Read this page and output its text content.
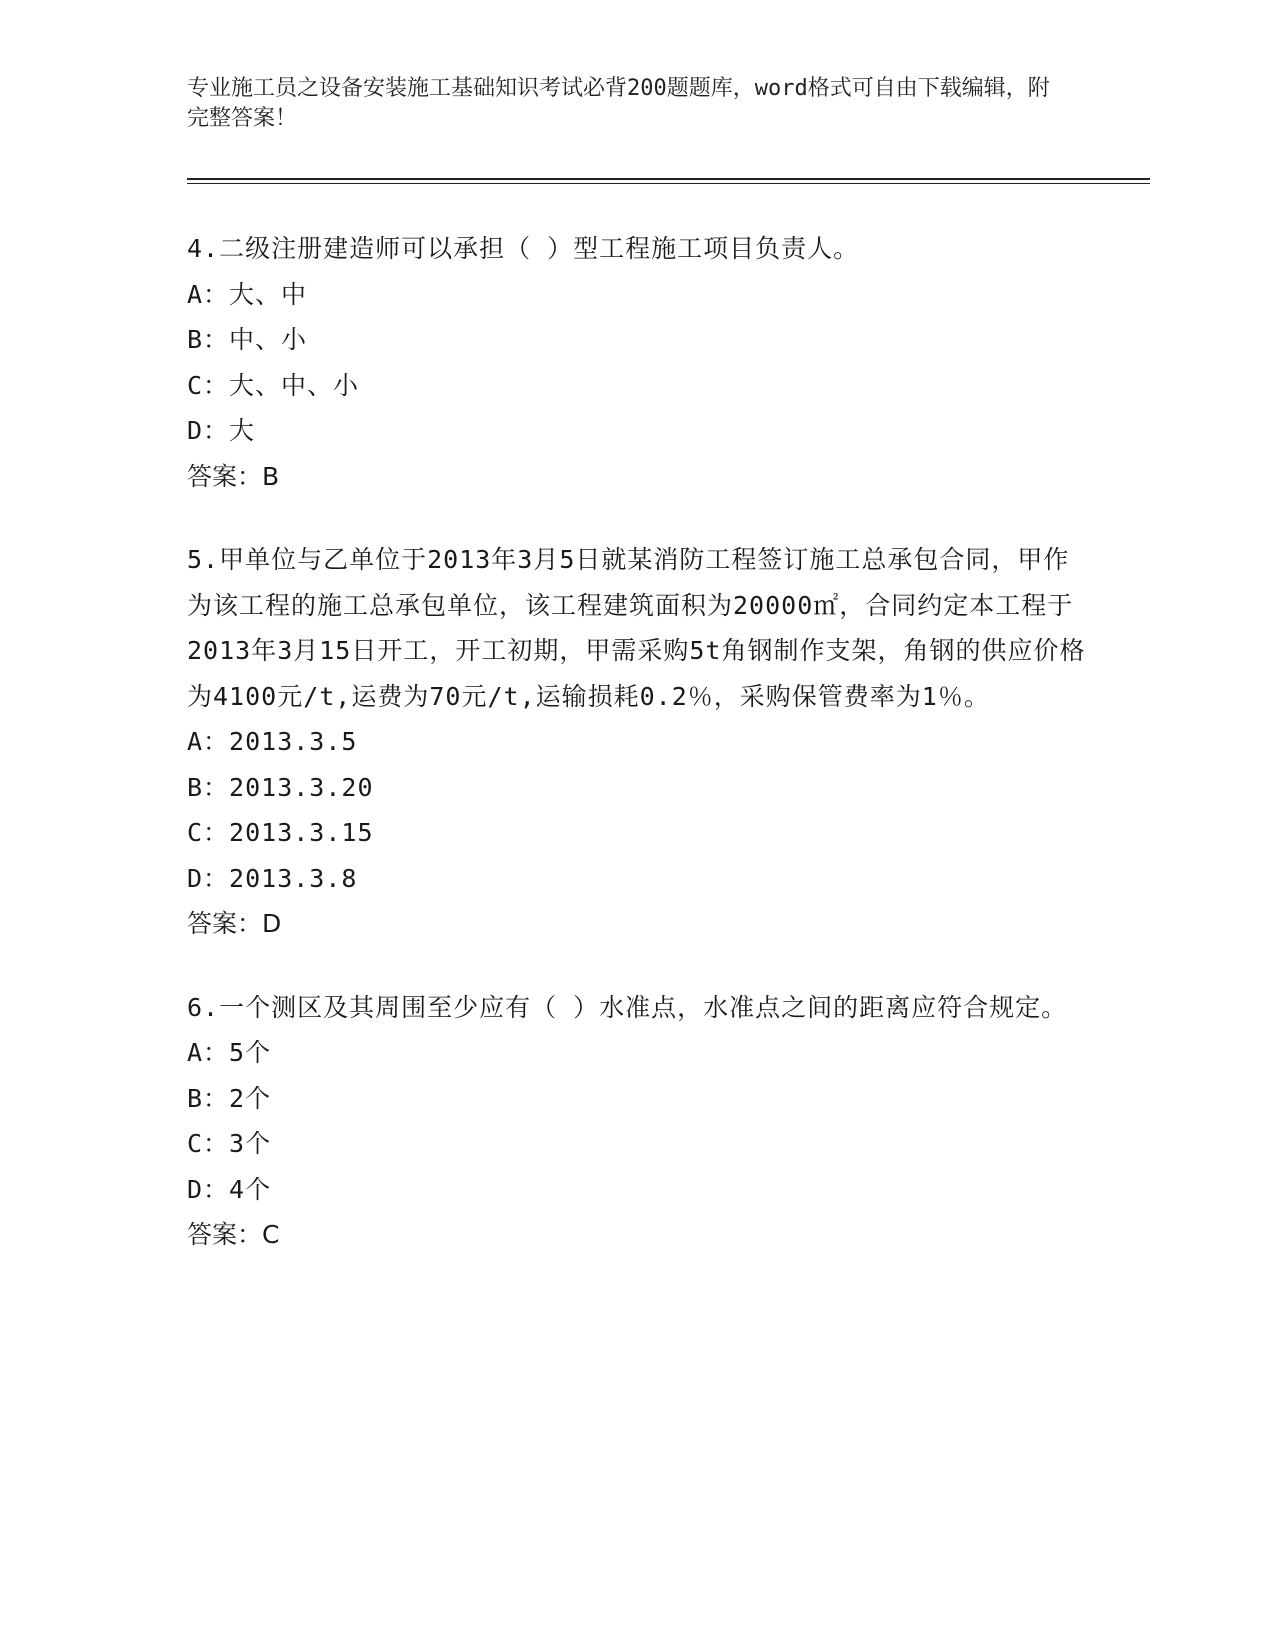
专业施工员之设备安装施工基础知识考试必背200题题库，word格式可自由下载编辑，附完整答案！
4.二级注册建造师可以承担（ ）型工程施工项目负责人。
A：大、中
B：中、小
C：大、中、小
D：大
答案：B
5.甲单位与乙单位于2013年3月5日就某消防工程签订施工总承包合同，甲作为该工程的施工总承包单位，该工程建筑面积为20000㎡，合同约定本工程于2013年3月15日开工，开工初期，甲需采购5t角钢制作支架，角钢的供应价格为4100元/t,运费为70元/t,运输损耗0.2％，采购保管费率为1％。
A：2013.3.5
B：2013.3.20
C：2013.3.15
D：2013.3.8
答案：D
6.一个测区及其周围至少应有（ ）水准点，水准点之间的距离应符合规定。
A：5个
B：2个
C：3个
D：4个
答案：C
